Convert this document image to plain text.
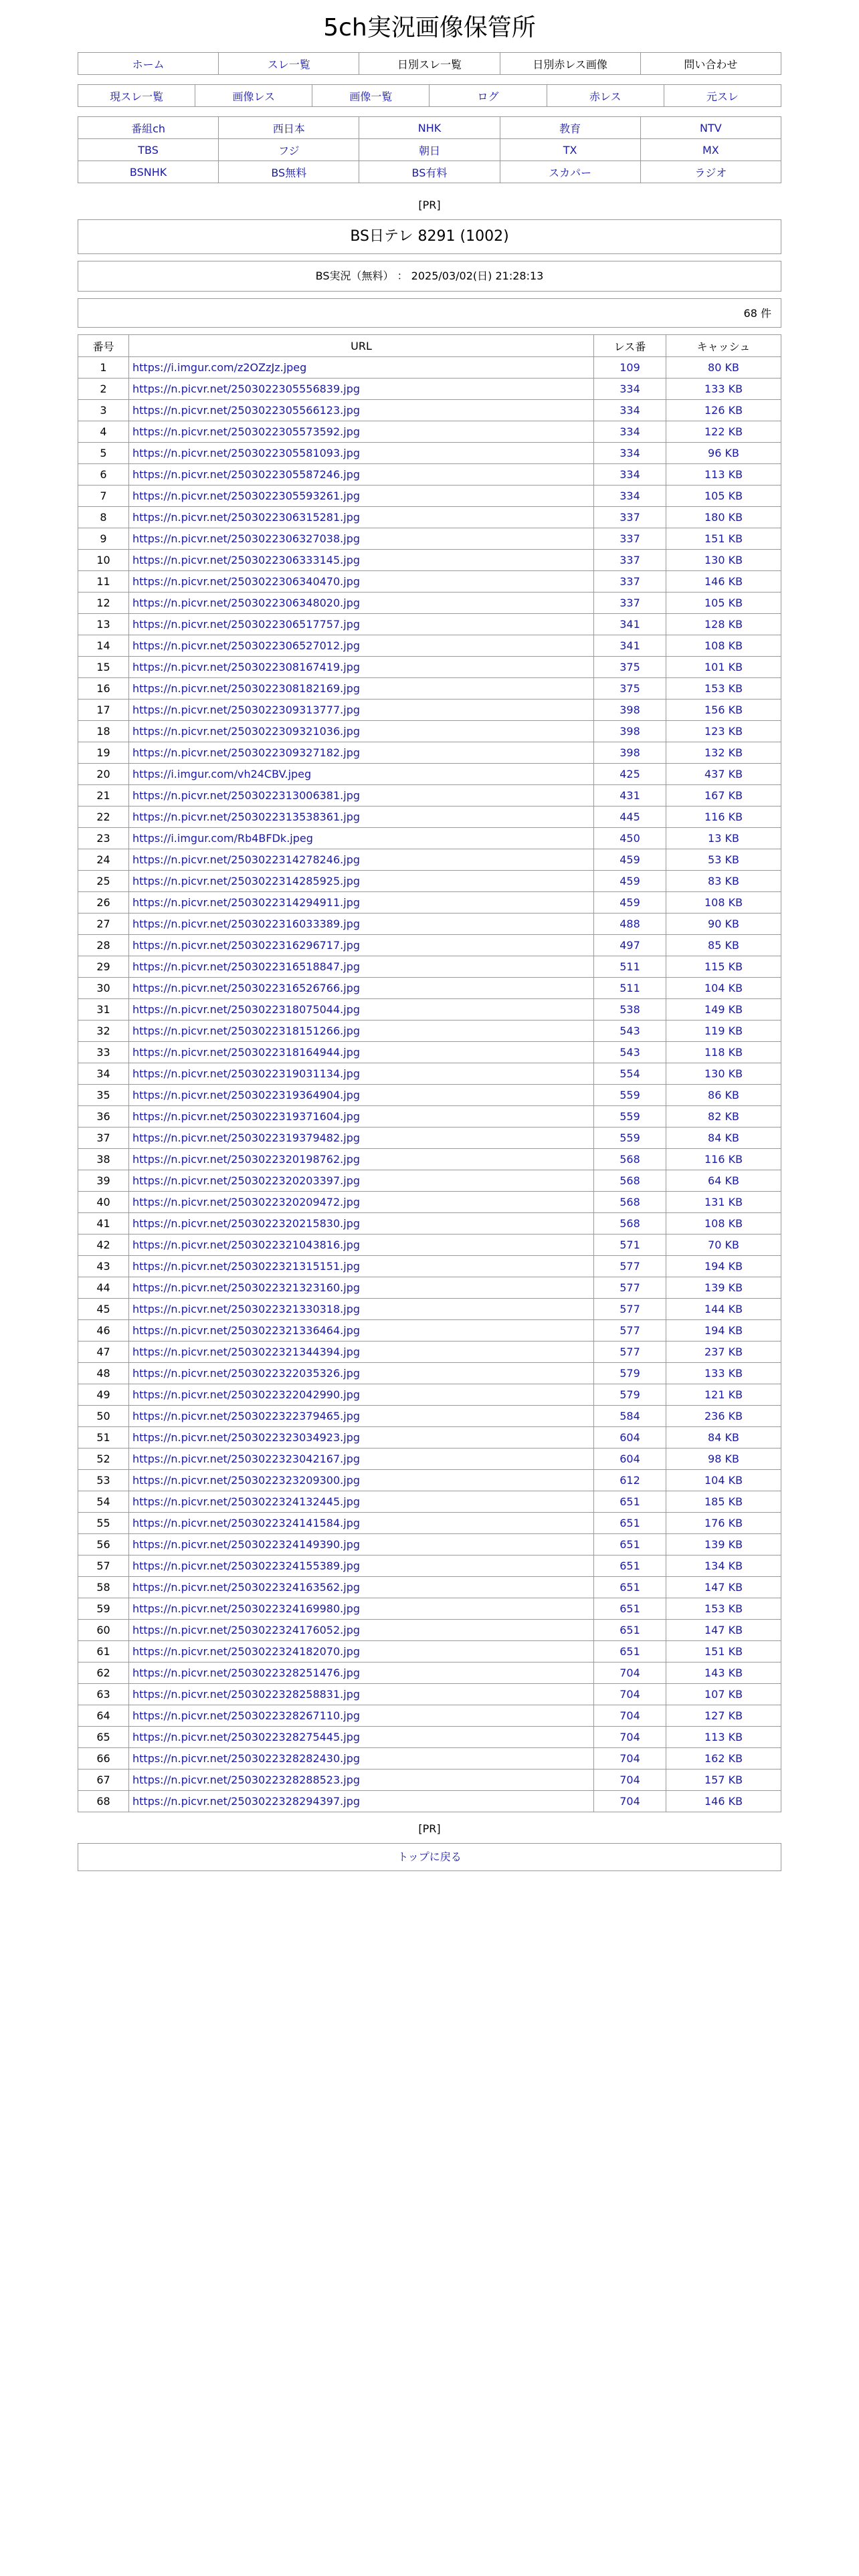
5ch実況画像保管所
ホーム	スレ一覧	日別スレ一覧	日別赤レス画像	問い合わせ
現スレ一覧	画像レス	画像一覧	ログ	赤レス	元スレ
番組ch	西日本	NHK	教育	NTV
TBS	フジ	朝日	TX	MX
BSNHK	BS無料	BS有料	スカパー	ラジオ
[PR]
BS日テレ 8291 (1002)
BS実況（無料） ： 2025/03/02(日) 21:28:13
68 件
番号	URL	レス番	キャッシュ
1	https://i.imgur.com/z2OZzJz.jpeg	109	80 KB
2	https://n.picvr.net/2503022305556839.jpg	334	133 KB
3	https://n.picvr.net/2503022305566123.jpg	334	126 KB
4	https://n.picvr.net/2503022305573592.jpg	334	122 KB
5	https://n.picvr.net/2503022305581093.jpg	334	96 KB
6	https://n.picvr.net/2503022305587246.jpg	334	113 KB
7	https://n.picvr.net/2503022305593261.jpg	334	105 KB
8	https://n.picvr.net/2503022306315281.jpg	337	180 KB
9	https://n.picvr.net/2503022306327038.jpg	337	151 KB
10	https://n.picvr.net/2503022306333145.jpg	337	130 KB
11	https://n.picvr.net/2503022306340470.jpg	337	146 KB
12	https://n.picvr.net/2503022306348020.jpg	337	105 KB
13	https://n.picvr.net/2503022306517757.jpg	341	128 KB
14	https://n.picvr.net/2503022306527012.jpg	341	108 KB
15	https://n.picvr.net/2503022308167419.jpg	375	101 KB
16	https://n.picvr.net/2503022308182169.jpg	375	153 KB
17	https://n.picvr.net/2503022309313777.jpg	398	156 KB
18	https://n.picvr.net/2503022309321036.jpg	398	123 KB
19	https://n.picvr.net/2503022309327182.jpg	398	132 KB
20	https://i.imgur.com/vh24CBV.jpeg	425	437 KB
21	https://n.picvr.net/2503022313006381.jpg	431	167 KB
22	https://n.picvr.net/2503022313538361.jpg	445	116 KB
23	https://i.imgur.com/Rb4BFDk.jpeg	450	13 KB
24	https://n.picvr.net/2503022314278246.jpg	459	53 KB
25	https://n.picvr.net/2503022314285925.jpg	459	83 KB
26	https://n.picvr.net/2503022314294911.jpg	459	108 KB
27	https://n.picvr.net/2503022316033389.jpg	488	90 KB
28	https://n.picvr.net/2503022316296717.jpg	497	85 KB
29	https://n.picvr.net/2503022316518847.jpg	511	115 KB
30	https://n.picvr.net/2503022316526766.jpg	511	104 KB
31	https://n.picvr.net/2503022318075044.jpg	538	149 KB
32	https://n.picvr.net/2503022318151266.jpg	543	119 KB
33	https://n.picvr.net/2503022318164944.jpg	543	118 KB
34	https://n.picvr.net/2503022319031134.jpg	554	130 KB
35	https://n.picvr.net/2503022319364904.jpg	559	86 KB
36	https://n.picvr.net/2503022319371604.jpg	559	82 KB
37	https://n.picvr.net/2503022319379482.jpg	559	84 KB
38	https://n.picvr.net/2503022320198762.jpg	568	116 KB
39	https://n.picvr.net/2503022320203397.jpg	568	64 KB
40	https://n.picvr.net/2503022320209472.jpg	568	131 KB
41	https://n.picvr.net/2503022320215830.jpg	568	108 KB
42	https://n.picvr.net/2503022321043816.jpg	571	70 KB
43	https://n.picvr.net/2503022321315151.jpg	577	194 KB
44	https://n.picvr.net/2503022321323160.jpg	577	139 KB
45	https://n.picvr.net/2503022321330318.jpg	577	144 KB
46	https://n.picvr.net/2503022321336464.jpg	577	194 KB
47	https://n.picvr.net/2503022321344394.jpg	577	237 KB
48	https://n.picvr.net/2503022322035326.jpg	579	133 KB
49	https://n.picvr.net/2503022322042990.jpg	579	121 KB
50	https://n.picvr.net/2503022322379465.jpg	584	236 KB
51	https://n.picvr.net/2503022323034923.jpg	604	84 KB
52	https://n.picvr.net/2503022323042167.jpg	604	98 KB
53	https://n.picvr.net/2503022323209300.jpg	612	104 KB
54	https://n.picvr.net/2503022324132445.jpg	651	185 KB
55	https://n.picvr.net/2503022324141584.jpg	651	176 KB
56	https://n.picvr.net/2503022324149390.jpg	651	139 KB
57	https://n.picvr.net/2503022324155389.jpg	651	134 KB
58	https://n.picvr.net/2503022324163562.jpg	651	147 KB
59	https://n.picvr.net/2503022324169980.jpg	651	153 KB
60	https://n.picvr.net/2503022324176052.jpg	651	147 KB
61	https://n.picvr.net/2503022324182070.jpg	651	151 KB
62	https://n.picvr.net/2503022328251476.jpg	704	143 KB
63	https://n.picvr.net/2503022328258831.jpg	704	107 KB
64	https://n.picvr.net/2503022328267110.jpg	704	127 KB
65	https://n.picvr.net/2503022328275445.jpg	704	113 KB
66	https://n.picvr.net/2503022328282430.jpg	704	162 KB
67	https://n.picvr.net/2503022328288523.jpg	704	157 KB
68	https://n.picvr.net/2503022328294397.jpg	704	146 KB
[PR]
トップに戻る
